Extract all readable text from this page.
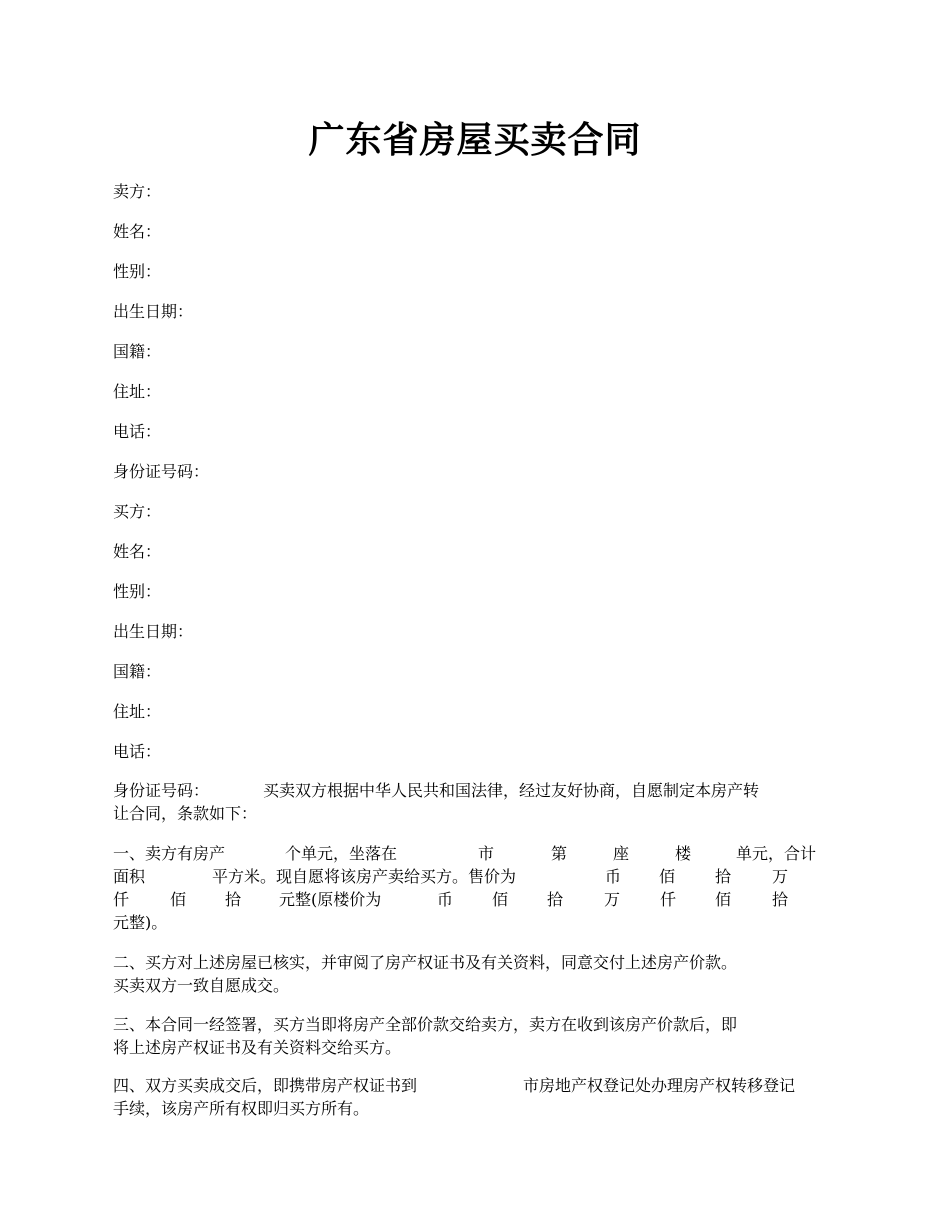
广东省房屋买卖合同

卖方：

姓名：

性别：

出生日期：

国籍：

住址：

电话：

身份证号码：

买方：

姓名：

性别：

出生日期：

国籍：

住址：

电话：

身份证号码：	买卖双方根据中华人民共和国法律，经过友好协商，自愿制定本房产转
让合同，条款如下：
一、卖方有房产	个单元，坐落在	市	第	座	楼	单元，合计
面积	平方米。现自愿将该房产卖给买方。售价为	币 佰 拾	万
仟	佰 拾 元整(原楼价为	币 佰 拾	万 仟 佰	拾
元整)。
二、买方对上述房屋已核实，并审阅了房产权证书及有关资料，同意交付上述房产价款。
买卖双方一致自愿成交。
三、本合同一经签署，买方当即将房产全部价款交给卖方，卖方在收到该房产价款后，即
将上述房产权证书及有关资料交给买方。
四、双方买卖成交后，即携带房产权证书到	市房地产权登记处办理房产权转移登记
手续，该房产所有权即归买方所有。
